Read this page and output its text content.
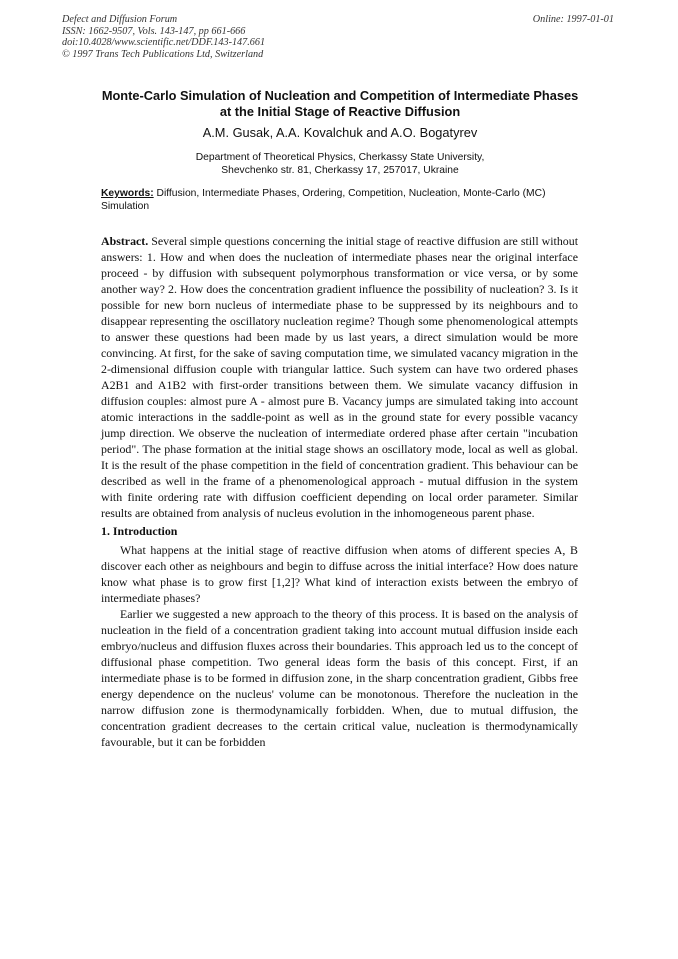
Defect and Diffusion Forum
ISSN: 1662-9507, Vols. 143-147, pp 661-666
doi:10.4028/www.scientific.net/DDF.143-147.661
© 1997 Trans Tech Publications Ltd, Switzerland
Online: 1997-01-01
Monte-Carlo Simulation of Nucleation and Competition of Intermediate Phases at the Initial Stage of Reactive Diffusion
A.M. Gusak, A.A. Kovalchuk and A.O. Bogatyrev
Department of Theoretical Physics, Cherkassy State University,
Shevchenko str. 81, Cherkassy 17, 257017, Ukraine
Keywords: Diffusion, Intermediate Phases, Ordering, Competition, Nucleation, Monte-Carlo (MC) Simulation

Abstract. Several simple questions concerning the initial stage of reactive diffusion are still without answers: 1. How and when does the nucleation of intermediate phases near the original interface proceed - by diffusion with subsequent polymorphous transformation or vice versa, or by some another way? 2. How does the concentration gradient influence the possibility of nucleation? 3. Is it possible for new born nucleus of intermediate phase to be suppressed by its neighbours and to disappear representing the oscillatory nucleation regime? Though some phenomenological attempts to answer these questions had been made by us last years, a direct simulation would be more convincing. At first, for the sake of saving computation time, we simulated vacancy migration in the 2-dimensional diffusion couple with triangular lattice. Such system can have two ordered phases A2B1 and A1B2 with first-order transitions between them. We simulate vacancy diffusion in diffusion couples: almost pure A - almost pure B. Vacancy jumps are simulated taking into account atomic interactions in the saddle-point as well as in the ground state for every possible vacancy jump direction. We observe the nucleation of intermediate ordered phase after certain "incubation period". The phase formation at the initial stage shows an oscillatory mode, local as well as global. It is the result of the phase competition in the field of concentration gradient. This behaviour can be described as well in the frame of a phenomenological approach - mutual diffusion in the system with finite ordering rate with diffusion coefficient depending on local order parameter. Similar results are obtained from analysis of nucleus evolution in the inhomogeneous parent phase.

1. Introduction

What happens at the initial stage of reactive diffusion when atoms of different species A, B discover each other as neighbours and begin to diffuse across the initial interface? How does nature know what phase is to grow first [1,2]? What kind of interaction exists between the embryo of intermediate phases?

Earlier we suggested a new approach to the theory of this process. It is based on the analysis of nucleation in the field of a concentration gradient taking into account mutual diffusion inside each embryo/nucleus and diffusion fluxes across their boundaries. This approach led us to the concept of diffusional phase competition. Two general ideas form the basis of this concept. First, if an intermediate phase is to be formed in diffusion zone, in the sharp concentration gradient, Gibbs free energy dependence on the nucleus' volume can be monotonous. Therefore the nucleation in the narrow diffusion zone is thermodynamically forbidden. When, due to mutual diffusion, the concentration gradient decreases to the certain critical value, nucleation is thermodynamically favourable, but it can be forbidden
